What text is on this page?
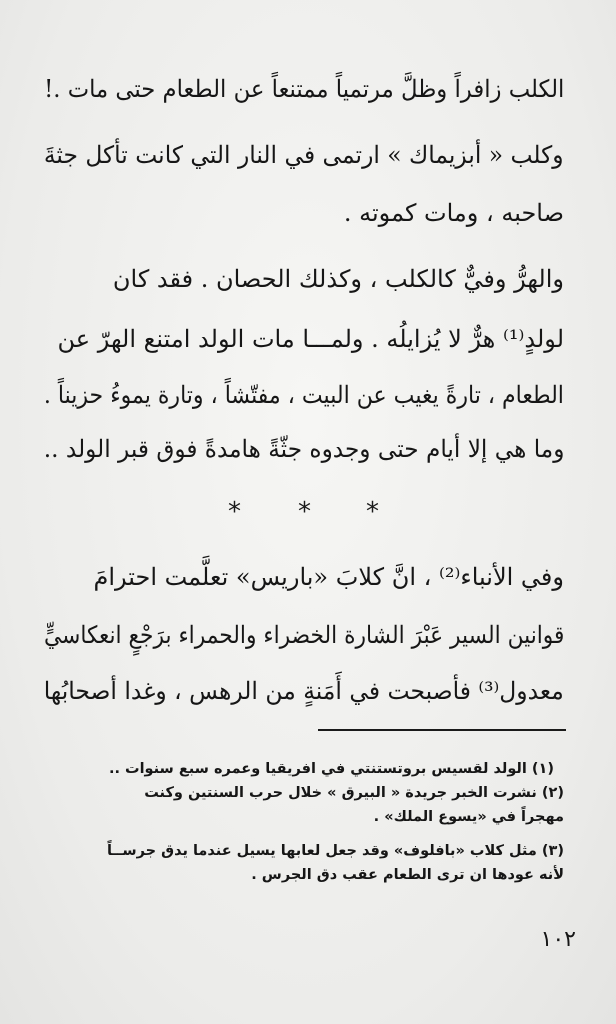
الكلب زافراً وظلَّ مرتمياً ممتنعاً عن الطعام حتى مات .!
وكلب « أبزيماك » ارتمى في النار التي كانت تأكل جثةَ
صاحبه ، ومات كموته .
والهرُّ وفيٌّ كالكلب ، وكذلك الحصان . فقد كان
لولدٍ⁽¹⁾ هرٌّ لا يُزايلُه . ولمـــا مات الولد امتنع الهرّ عن
الطعام ، تارةً يغيب عن البيت ، مفتّشاً ، وتارة يموءُ حزيناً .
وما هي إلا أيام حتى وجدوه جثّةً هامدةً فوق قبر الولد ..
* * *
وفي الأنباء⁽²⁾ ، انَّ كلابَ «باريس» تعلَّمت احترامَ
قوانين السير عَبْرَ الشارة الخضراء والحمراء برَجْعٍ انعكاسيٍّ
معدول⁽³⁾ فأصبحت في أَمَنةٍ من الرهس ، وغدا أصحابُها
(١) الولد لقسيس بروتستنتي في افريقيا وعمره سبع سنوات ..
(٢) نشرت الخبر جريدة « البيرق » خلال حرب السنتين وكنت
مهجراً في «يسوع الملك» .
(٣) مثل كلاب «بافلوف» وقد جعل لعابها يسيل عندما يدق جرســاً
لأنه عودها ان ترى الطعام عقب دق الجرس .
١٠٢
